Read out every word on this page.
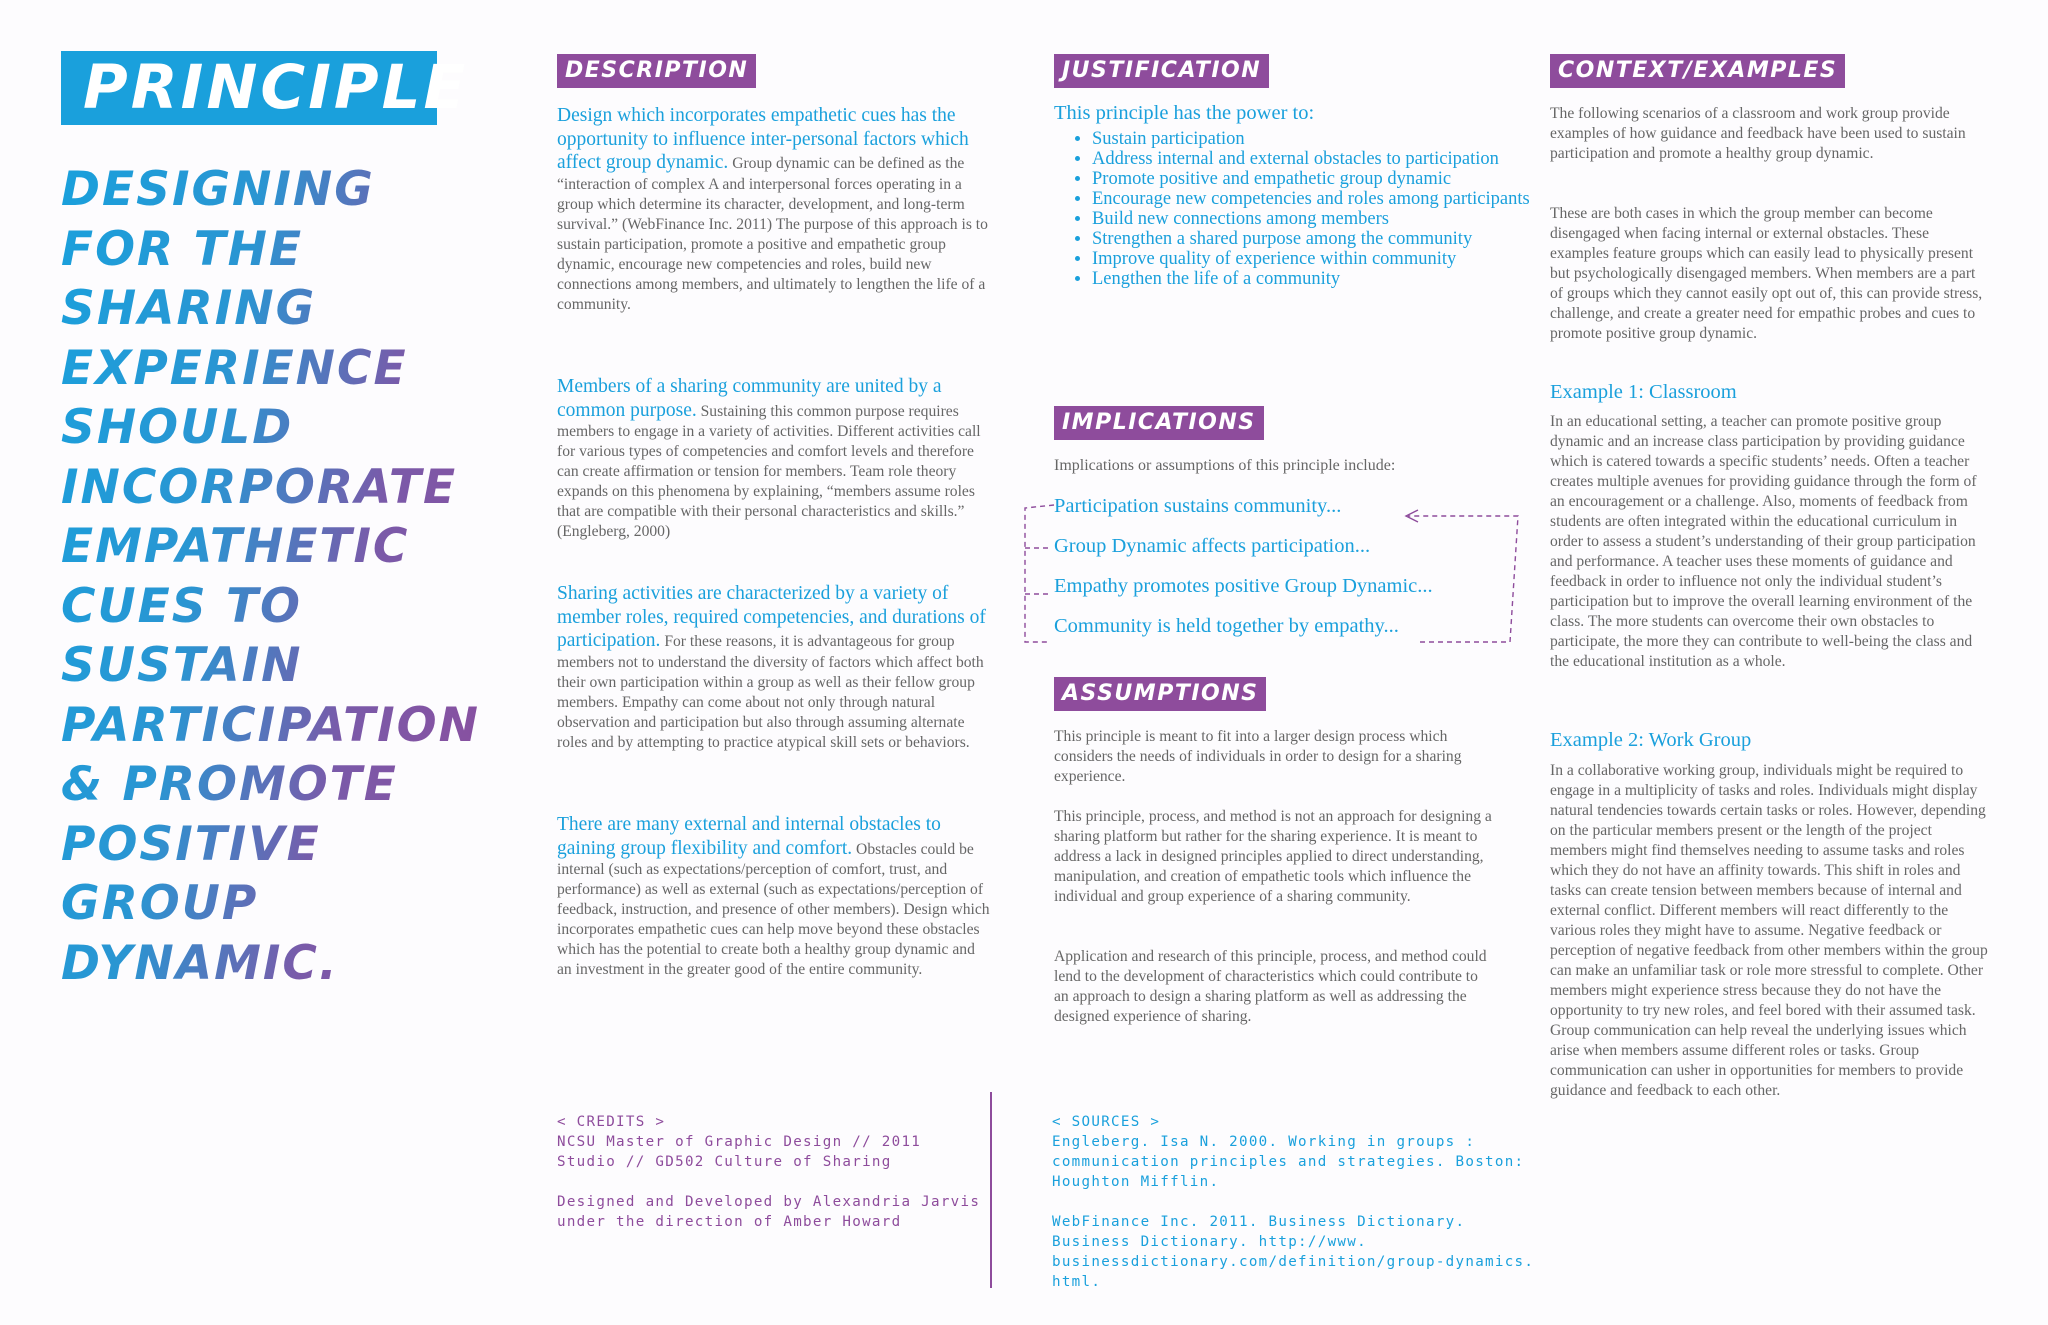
PRINCIPLE
DESIGNING FOR THE SHARING EXPERIENCE SHOULD INCORPORATE EMPATHETIC CUES TO SUSTAIN PARTICIPATION & PROMOTE POSITIVE GROUP DYNAMIC.
DESCRIPTION

Design which incorporates empathetic cues has the opportunity to influence inter-personal factors which affect group dynamic. Group dynamic can be defined as the “interaction of complex A and interpersonal forces operating in a group which determine its character, development, and long-term survival.” (WebFinance Inc. 2011) The purpose of this approach is to sustain participation, promote a positive and empathetic group dynamic, encourage new competencies and roles, build new connections among members, and ultimately to lengthen the life of a community.

Members of a sharing community are united by a common purpose. Sustaining this common purpose requires members to engage in a variety of activities. Different activities call for various types of competencies and comfort levels and therefore can create affirmation or tension for members. Team role theory expands on this phenomena by explaining, “members assume roles that are compatible with their personal characteristics and skills.” (Engleberg, 2000)

Sharing activities are characterized by a variety of member roles, required competencies, and durations of participation. For these reasons, it is advantageous for group members not to understand the diversity of factors which affect both their own participation within a group as well as their fellow group members. Empathy can come about not only through natural observation and participation but also through assuming alternate roles and by attempting to practice atypical skill sets or behaviors.

There are many external and internal obstacles to gaining group flexibility and comfort. Obstacles could be internal (such as expectations/perception of comfort, trust, and performance) as well as external (such as expectations/perception of feedback, instruction, and presence of other members). Design which incorporates empathetic cues can help move beyond these obstacles which has the potential to create both a healthy group dynamic and an investment in the greater good of the entire community.

< CREDITS >
NCSU Master of Graphic Design // 2011
Studio // GD502 Culture of Sharing
Designed and Developed by Alexandria Jarvis
under the direction of Amber Howard
JUSTIFICATION
This principle has the power to:
• Sustain participation
• Address internal and external obstacles to participation
• Promote positive and empathetic group dynamic
• Encourage new competencies and roles among participants
• Build new connections among members
• Strengthen a shared purpose among the community
• Improve quality of experience within community
• Lengthen the life of a community
IMPLICATIONS
Implications or assumptions of this principle include:
Participation sustains community...
Group Dynamic affects participation...
Empathy promotes positive Group Dynamic...
Community is held together by empathy...
ASSUMPTIONS

This principle is meant to fit into a larger design process which considers the needs of individuals in order to design for a sharing experience.

This principle, process, and method is not an approach for designing a sharing platform but rather for the sharing experience. It is meant to address a lack in designed principles applied to direct understanding, manipulation, and creation of empathetic tools which influence the individual and group experience of a sharing community.

Application and research of this principle, process, and method could lend to the development of characteristics which could contribute to an approach to design a sharing platform as well as addressing the designed experience of sharing.

< SOURCES >
Engleberg. Isa N. 2000. Working in groups :
communication principles and strategies. Boston:
Houghton Mifflin.
WebFinance Inc. 2011. Business Dictionary.
Business Dictionary. http://www.
businessdictionary.com/definition/group-dynamics.
html.
CONTEXT/EXAMPLES

The following scenarios of a classroom and work group provide examples of how guidance and feedback have been used to sustain participation and promote a healthy group dynamic.

These are both cases in which the group member can become disengaged when facing internal or external obstacles. These examples feature groups which can easily lead to physically present but psychologically disengaged members. When members are a part of groups which they cannot easily opt out of, this can provide stress, challenge, and create a greater need for empathic probes and cues to promote positive group dynamic.

Example 1: Classroom

In an educational setting, a teacher can promote positive group dynamic and an increase class participation by providing guidance which is catered towards a specific students’ needs. Often a teacher creates multiple avenues for providing guidance through the form of an encouragement or a challenge. Also, moments of feedback from students are often integrated within the educational curriculum in order to assess a student’s understanding of their group participation and performance. A teacher uses these moments of guidance and feedback in order to influence not only the individual student’s participation but to improve the overall learning environment of the class. The more students can overcome their own obstacles to participate, the more they can contribute to well-being the class and the educational institution as a whole.

Example 2: Work Group

In a collaborative working group, individuals might be required to engage in a multiplicity of tasks and roles. Individuals might display natural tendencies towards certain tasks or roles. However, depending on the particular members present or the length of the project members might find themselves needing to assume tasks and roles which they do not have an affinity towards. This shift in roles and tasks can create tension between members because of internal and external conflict. Different members will react differently to the various roles they might have to assume. Negative feedback or perception of negative feedback from other members within the group can make an unfamiliar task or role more stressful to complete. Other members might experience stress because they do not have the opportunity to try new roles, and feel bored with their assumed task. Group communication can help reveal the underlying issues which arise when members assume different roles or tasks. Group communication can usher in opportunities for members to provide guidance and feedback to each other.
